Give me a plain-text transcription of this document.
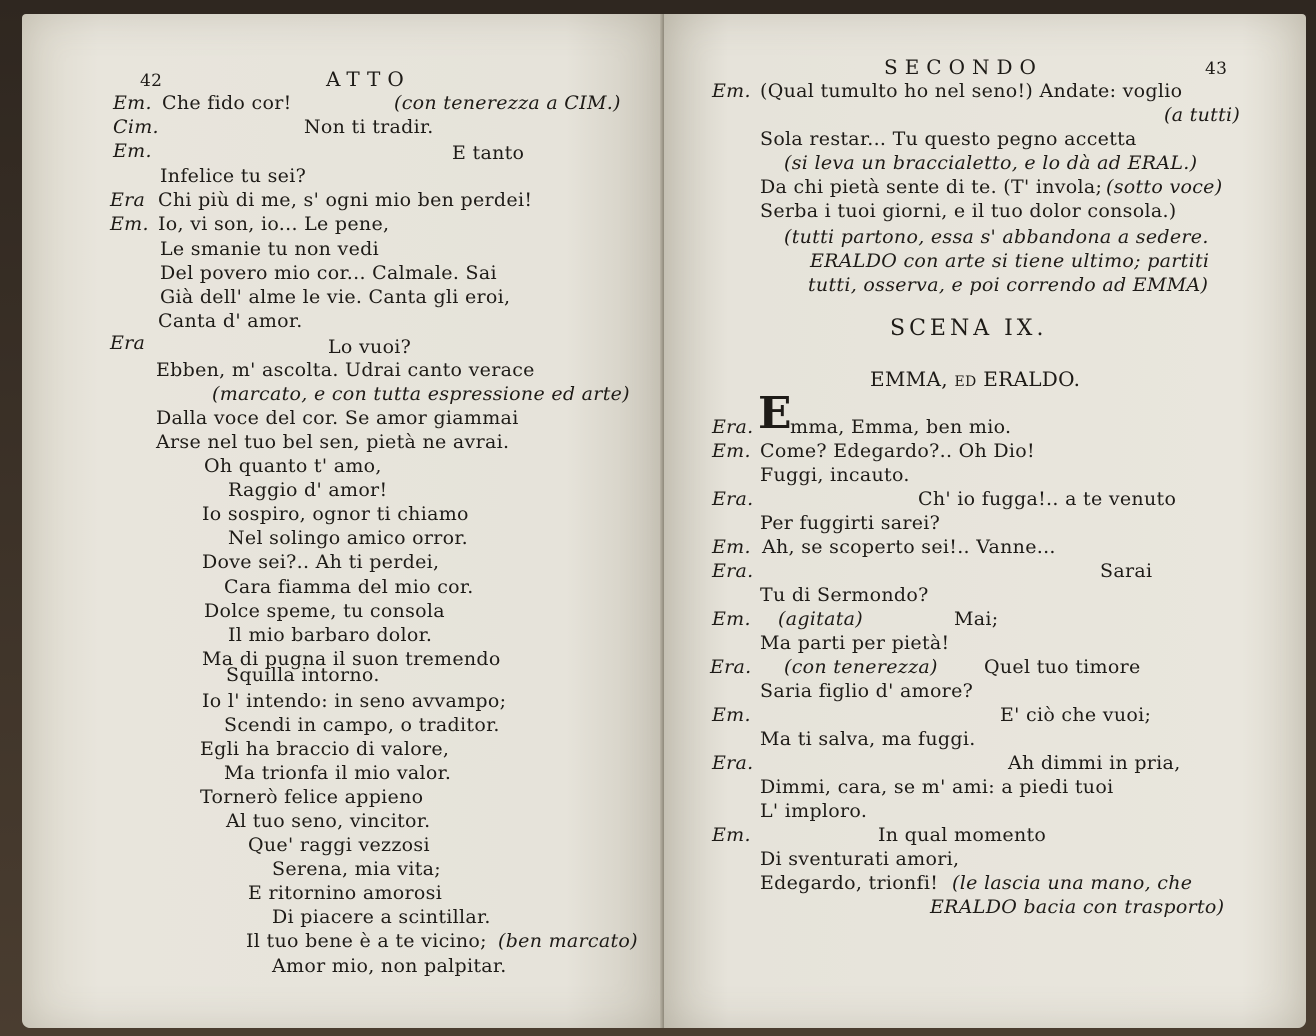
42	ATTO
Em. Che fido cor!	(con tenerezza a CIM.)
Cim.	Non ti tradir.
Em.	E tanto
Infelice tu sei?
Era Chi più di me, s' ogni mio ben perdei!
Em. Io, vi son, io... Le pene,
Le smanie tu non vedi
Del povero mio cor... Calmale. Sai
Già dell' alme le vie. Canta gli eroi,
Canta d' amor.
Era	Lo vuoi?
Ebben, m' ascolta. Udrai canto verace
(marcato, e con tutta espressione ed arte)
Dalla voce del cor. Se amor giammai
Arse nel tuo bel sen, pietà ne avrai.
Oh quanto t' amo,
Raggio d' amor!
Io sospiro, ognor ti chiamo
Nel solingo amico orror.
Dove sei?.. Ah ti perdei,
Cara fiamma del mio cor.
Dolce speme, tu consola
Il mio barbaro dolor.
Ma di pugna il suon tremendo
Squilla intorno.
Io l' intendo: in seno avvampo;
Scendi in campo, o traditor.
Egli ha braccio di valore,
Ma trionfa il mio valor.
Tornerò felice appieno
Al tuo seno, vincitor.
Que' raggi vezzosi
Serena, mia vita;
E ritornino amorosi
Di piacere a scintillar.
Il tuo bene è a te vicino; (ben marcato)
Amor mio, non palpitar.
SECONDO	43
Em. (Qual tumulto ho nel seno!) Andate: voglio
(a tutti)
Sola restar... Tu questo pegno accetta
(si leva un braccialetto, e lo dà ad ERAL.)
Da chi pietà sente di te. (T' invola; (sotto voce)
Serba i tuoi giorni, e il tuo dolor consola.)
(tutti partono, essa s' abbandona a sedere.
ERALDO con arte si tiene ultimo; partiti
tutti, osserva, e poi correndo ad EMMA)
SCENA IX.
EMMA, ed ERALDO.
Era. E
mma, Emma, ben mio.
Em. Come? Edegardo?.. Oh Dio!
Fuggi, incauto.
Era.	Ch' io fugga!.. a te venuto
Per fuggirti sarei?
Em. Ah, se scoperto sei!.. Vanne...
Era.	Sarai
Tu di Sermondo?
Em. (agitata)	Mai;
Ma parti per pietà!
Era. (con tenerezza) Quel tuo timore
Saria figlio d' amore?
Em.	E' ciò che vuoi;
Ma ti salva, ma fuggi.
Era.	Ah dimmi in pria,
Dimmi, cara, se m' ami: a piedi tuoi
L' imploro.
Em.	In qual momento
Di sventurati amori,
Edegardo, trionfi! (le lascia una mano, che
ERALDO bacia con trasporto)
